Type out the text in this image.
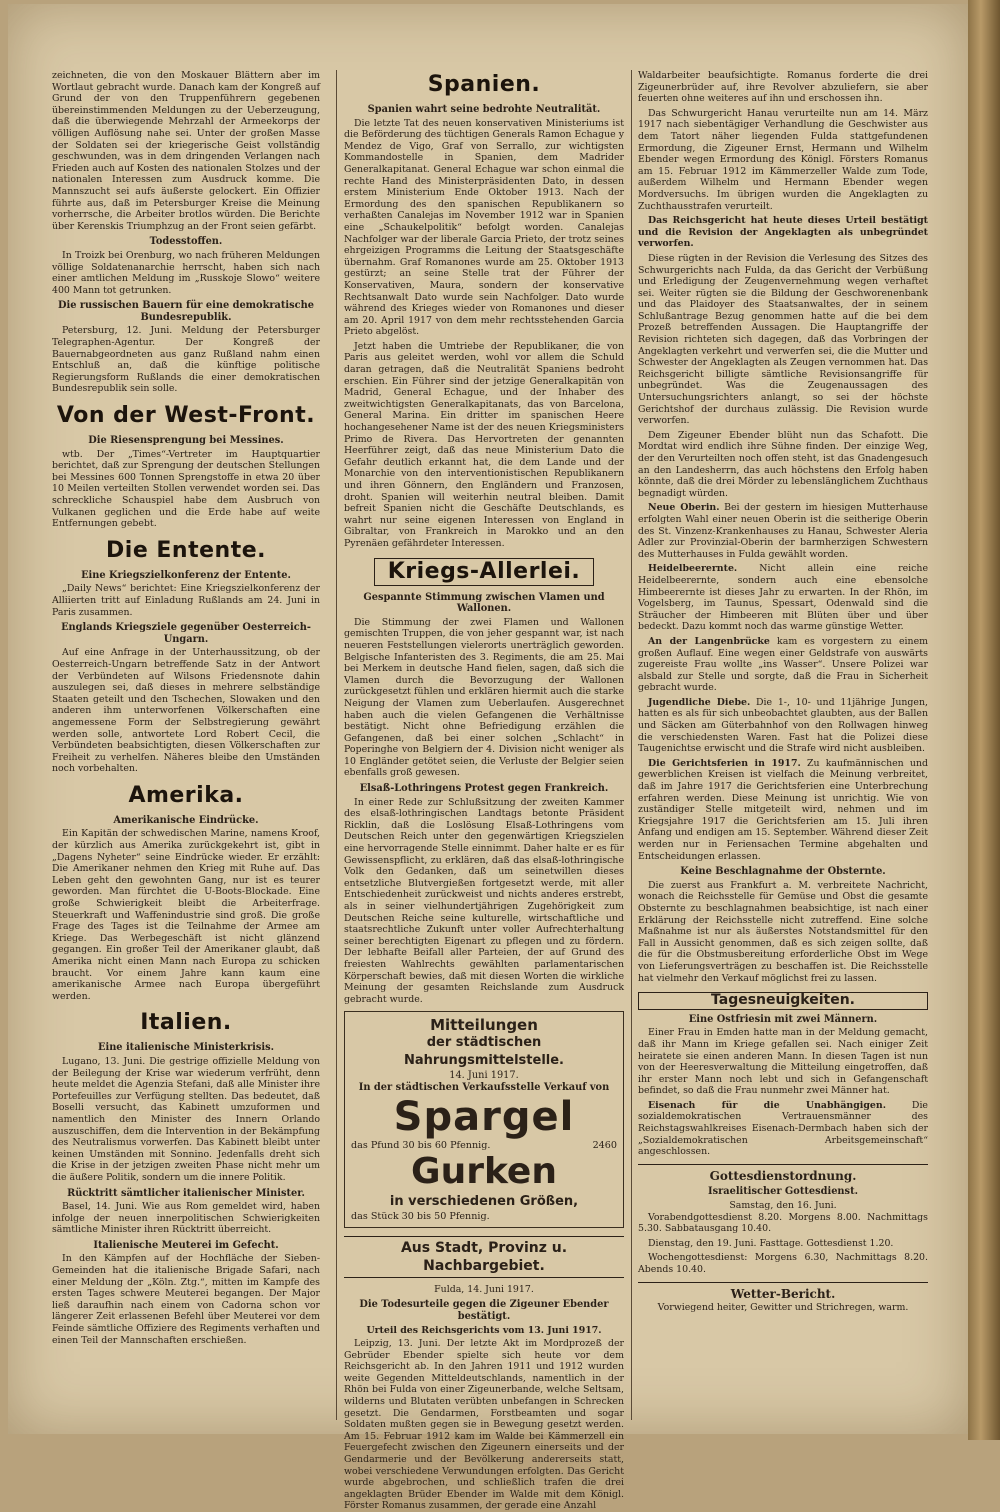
zeichneten, die von den Moskauer Blättern aber im Wortlaut gebracht wurde. Danach kam der Kongreß auf Grund der von den Truppenführern gegebenen übereinstimmenden Meldungen zu der Ueberzeugung, daß die überwiegende Mehrzahl der Armeekorps der völligen Auflösung nahe sei. Unter der großen Masse der Soldaten sei der kriegerische Geist vollständig geschwunden, was in dem dringenden Verlangen nach Frieden auch auf Kosten des nationalen Stolzes und der nationalen Interessen zum Ausdruck komme. Die Mannszucht sei aufs äußerste gelockert. Ein Offizier führte aus, daß im Petersburger Kreise die Meinung vorherrsche, die Arbeiter brotlos würden. Die Berichte über Kerenskis Triumphzug an der Front seien gefärbt.

Todesstoffen.

In Troizk bei Orenburg, wo nach früheren Meldungen völlige Soldatenanarchie herrscht, haben sich nach einer amtlichen Meldung im „Russkoje Slowo“ weitere 400 Mann tot getrunken.

Die russischen Bauern für eine demokratische Bundesrepublik.

Petersburg, 12. Juni. Meldung der Petersburger Telegraphen-Agentur. Der Kongreß der Bauernabgeordneten aus ganz Rußland nahm einen Entschluß an, daß die künftige politische Regierungsform Rußlands die einer demokratischen Bundesrepublik sein solle.

Von der West-Front.
Die Riesensprengung bei Messines.

wtb. Der „Times“-Vertreter im Hauptquartier berichtet, daß zur Sprengung der deutschen Stellungen bei Messines 600 Tonnen Sprengstoffe in etwa 20 über 10 Meilen verteilten Stollen verwendet worden sei. Das schreckliche Schauspiel habe dem Ausbruch von Vulkanen geglichen und die Erde habe auf weite Entfernungen gebebt.

Die Entente.
Eine Kriegszielkonferenz der Entente.

„Daily News“ berichtet: Eine Kriegszielkonferenz der Alliierten tritt auf Einladung Rußlands am 24. Juni in Paris zusammen.

Englands Kriegsziele gegenüber Oesterreich-Ungarn.

Auf eine Anfrage in der Unterhaussitzung, ob der Oesterreich-Ungarn betreffende Satz in der Antwort der Verbündeten auf Wilsons Friedensnote dahin auszulegen sei, daß dieses in mehrere selbständige Staaten geteilt und den Tschechen, Slowaken und den anderen ihm unterworfenen Völkerschaften eine angemessene Form der Selbstregierung gewährt werden solle, antwortete Lord Robert Cecil, die Verbündeten beabsichtigten, diesen Völkerschaften zur Freiheit zu verhelfen. Näheres bleibe den Umständen noch vorbehalten.

Amerika.
Amerikanische Eindrücke.

Ein Kapitän der schwedischen Marine, namens Kroof, der kürzlich aus Amerika zurückgekehrt ist, gibt in „Dagens Nyheter“ seine Eindrücke wieder. Er erzählt: Die Amerikaner nehmen den Krieg mit Ruhe auf. Das Leben geht den gewohnten Gang, nur ist es teurer geworden. Man fürchtet die U-Boots-Blockade. Eine große Schwierigkeit bleibt die Arbeiterfrage. Steuerkraft und Waffenindustrie sind groß. Die große Frage des Tages ist die Teilnahme der Armee am Kriege. Das Werbegeschäft ist nicht glänzend gegangen. Ein großer Teil der Amerikaner glaubt, daß Amerika nicht einen Mann nach Europa zu schicken braucht. Vor einem Jahre kann kaum eine amerikanische Armee nach Europa übergeführt werden.

Italien.
Eine italienische Ministerkrisis.

Lugano, 13. Juni. Die gestrige offizielle Meldung von der Beilegung der Krise war wiederum verfrüht, denn heute meldet die Agenzia Stefani, daß alle Minister ihre Portefeuilles zur Verfügung stellten. Das bedeutet, daß Boselli versucht, das Kabinett umzuformen und namentlich den Minister des Innern Orlando auszuschiffen, dem die Intervention in der Bekämpfung des Neutralismus vorwerfen. Das Kabinett bleibt unter keinen Umständen mit Sonnino. Jedenfalls dreht sich die Krise in der jetzigen zweiten Phase nicht mehr um die äußere Politik, sondern um die innere Politik.

Rücktritt sämtlicher italienischer Minister.

Basel, 14. Juni. Wie aus Rom gemeldet wird, haben infolge der neuen innerpolitischen Schwierigkeiten sämtliche Minister ihren Rücktritt überreicht.

Italienische Meuterei im Gefecht.

In den Kämpfen auf der Hochfläche der Sieben-Gemeinden hat die italienische Brigade Safari, nach einer Meldung der „Köln. Ztg.“, mitten im Kampfe des ersten Tages schwere Meuterei begangen. Der Major ließ daraufhin nach einem von Cadorna schon vor längerer Zeit erlassenen Befehl über Meuterei vor dem Feinde sämtliche Offiziere des Regiments verhaften und einen Teil der Mannschaften erschießen.

Spanien.
Spanien wahrt seine bedrohte Neutralität.

Die letzte Tat des neuen konservativen Ministeriums ist die Beförderung des tüchtigen Generals Ramon Echague y Mendez de Vigo, Graf von Serrallo, zur wichtigsten Kommandostelle in Spanien, dem Madrider Generalkapitanat. General Echague war schon einmal die rechte Hand des Ministerpräsidenten Dato, in dessen erstem Ministerium Ende Oktober 1913. Nach der Ermordung des den spanischen Republikanern so verhaßten Canalejas im November 1912 war in Spanien eine „Schaukelpolitik“ befolgt worden. Canalejas Nachfolger war der liberale Garcia Prieto, der trotz seines ehrgeizigen Programms die Leitung der Staatsgeschäfte übernahm. Graf Romanones wurde am 25. Oktober 1913 gestürzt; an seine Stelle trat der Führer der Konservativen, Maura, sondern der konservative Rechtsanwalt Dato wurde sein Nachfolger. Dato wurde während des Krieges wieder von Romanones und dieser am 20. April 1917 von dem mehr rechtsstehenden Garcia Prieto abgelöst.

Jetzt haben die Umtriebe der Republikaner, die von Paris aus geleitet werden, wohl vor allem die Schuld daran getragen, daß die Neutralität Spaniens bedroht erschien. Ein Führer sind der jetzige Generalkapitän von Madrid, General Echague, und der Inhaber des zweitwichtigsten Generalkapitanats, das von Barcelona, General Marina. Ein dritter im spanischen Heere hochangesehener Name ist der des neuen Kriegsministers Primo de Rivera. Das Hervortreten der genannten Heerführer zeigt, daß das neue Ministerium Dato die Gefahr deutlich erkannt hat, die dem Lande und der Monarchie von den interventionistischen Republikanern und ihren Gönnern, den Engländern und Franzosen, droht. Spanien will weiterhin neutral bleiben. Damit befreit Spanien nicht die Geschäfte Deutschlands, es wahrt nur seine eigenen Interessen von England in Gibraltar, von Frankreich in Marokko und an den Pyrenäen gefährdeter Interessen.

Kriegs-Allerlei.
Gespannte Stimmung zwischen Vlamen und Wallonen.

Die Stimmung der zwei Flamen und Wallonen gemischten Truppen, die von jeher gespannt war, ist nach neueren Feststellungen vielerorts unerträglich geworden. Belgische Infanteristen des 3. Regiments, die am 25. Mai bei Merkem in deutsche Hand fielen, sagen, daß sich die Vlamen durch die Bevorzugung der Wallonen zurückgesetzt fühlen und erklären hiermit auch die starke Neigung der Vlamen zum Ueberlaufen. Ausgerechnet haben auch die vielen Gefangenen die Verhältnisse bestätigt. Nicht ohne Befriedigung erzählen die Gefangenen, daß bei einer solchen „Schlacht“ in Poperinghe von Belgiern der 4. Division nicht weniger als 10 Engländer getötet seien, die Verluste der Belgier seien ebenfalls groß gewesen.

Elsaß-Lothringens Protest gegen Frankreich.

In einer Rede zur Schlußsitzung der zweiten Kammer des elsaß-lothringischen Landtags betonte Präsident Ricklin, daß die Loslösung Elsaß-Lothringens vom Deutschen Reich unter den gegenwärtigen Kriegszielen eine hervorragende Stelle einnimmt. Daher halte er es für Gewissenspflicht, zu erklären, daß das elsaß-lothringische Volk den Gedanken, daß um seinetwillen dieses entsetzliche Blutvergießen fortgesetzt werde, mit aller Entschiedenheit zurückweist und nichts anderes erstrebt, als in seiner vielhundertjährigen Zugehörigkeit zum Deutschen Reiche seine kulturelle, wirtschaftliche und staatsrechtliche Zukunft unter voller Aufrechterhaltung seiner berechtigten Eigenart zu pflegen und zu fördern. Der lebhafte Beifall aller Parteien, der auf Grund des freiesten Wahlrechts gewählten parlamentarischen Körperschaft bewies, daß mit diesen Worten die wirkliche Meinung der gesamten Reichslande zum Ausdruck gebracht wurde.

Mitteilungen
der städtischen Nahrungsmittelstelle.
14. Juni 1917.
In der städtischen Verkaufsstelle Verkauf von
Spargel
das Pfund 30 bis 60 Pfennig.	2460
Gurken
in verschiedenen Größen,
das Stück 30 bis 50 Pfennig.
Aus Stadt, Provinz u. Nachbargebiet.
Fulda, 14. Juni 1917.
Die Todesurteile gegen die Zigeuner Ebender bestätigt.
Urteil des Reichsgerichts vom 13. Juni 1917.

Leipzig, 13. Juni. Der letzte Akt im Mordprozeß der Gebrüder Ebender spielte sich heute vor dem Reichsgericht ab. In den Jahren 1911 und 1912 wurden weite Gegenden Mitteldeutschlands, namentlich in der Rhön bei Fulda von einer Zigeunerbande, welche Seltsam, wilderns und Blutaten verübten unbefangen in Schrecken gesetzt. Die Gendarmen, Forstbeamten und sogar Soldaten mußten gegen sie in Bewegung gesetzt werden. Am 15. Februar 1912 kam im Walde bei Kämmerzell ein Feuergefecht zwischen den Zigeunern einerseits und der Gendarmerie und der Bevölkerung andererseits statt, wobei verschiedene Verwundungen erfolgten. Das Gericht wurde abgebrochen, und schließlich trafen die drei angeklagten Brüder Ebender im Walde mit dem Königl. Förster Romanus zusammen, der gerade eine Anzahl

Waldarbeiter beaufsichtigte. Romanus forderte die drei Zigeunerbrüder auf, ihre Revolver abzuliefern, sie aber feuerten ohne weiteres auf ihn und erschossen ihn.

Das Schwurgericht Hanau verurteilte nun am 14. März 1917 nach siebentägiger Verhandlung die Geschwister aus dem Tatort näher liegenden Fulda stattgefundenen Ermordung, die Zigeuner Ernst, Hermann und Wilhelm Ebender wegen Ermordung des Königl. Försters Romanus am 15. Februar 1912 im Kämmerzeller Walde zum Tode, außerdem Wilhelm und Hermann Ebender wegen Mordversuchs. Im übrigen wurden die Angeklagten zu Zuchthausstrafen verurteilt.

Das Reichsgericht hat heute dieses Urteil bestätigt und die Revision der Angeklagten als unbegründet verworfen.

Diese rügten in der Revision die Verlesung des Sitzes des Schwurgerichts nach Fulda, da das Gericht der Verbüßung und Erledigung der Zeugenvernehmung wegen verhaftet sei. Weiter rügten sie die Bildung der Geschworenenbank und das Plaidoyer des Staatsanwaltes, der in seinem Schlußantrage Bezug genommen hatte auf die bei dem Prozeß betreffenden Aussagen. Die Hauptangriffe der Revision richteten sich dagegen, daß das Vorbringen der Angeklagten verkehrt und verwerfen sei, die die Mutter und Schwester der Angeklagten als Zeugen vernommen hat. Das Reichsgericht billigte sämtliche Revisionsangriffe für unbegründet. Was die Zeugenaussagen des Untersuchungsrichters anlangt, so sei der höchste Gerichtshof der durchaus zulässig. Die Revision wurde verworfen.

Dem Zigeuner Ebender blüht nun das Schafott. Die Mordtat wird endlich ihre Sühne finden. Der einzige Weg, der den Verurteilten noch offen steht, ist das Gnadengesuch an den Landesherrn, das auch höchstens den Erfolg haben könnte, daß die drei Mörder zu lebenslänglichem Zuchthaus begnadigt würden.

Neue Oberin. Bei der gestern im hiesigen Mutterhause erfolgten Wahl einer neuen Oberin ist die seitherige Oberin des St. Vinzenz-Krankenhauses zu Hanau, Schwester Aleria Adler zur Provinzial-Oberin der barmherzigen Schwestern des Mutterhauses in Fulda gewählt worden.

Heidelbeerernte. Nicht allein eine reiche Heidelbeerernte, sondern auch eine ebensolche Himbeerernte ist dieses Jahr zu erwarten. In der Rhön, im Vogelsberg, im Taunus, Spessart, Odenwald sind die Sträucher der Himbeeren mit Blüten über und über bedeckt. Dazu kommt noch das warme günstige Wetter.

An der Langenbrücke kam es vorgestern zu einem großen Auflauf. Eine wegen einer Geldstrafe von auswärts zugereiste Frau wollte „ins Wasser“. Unsere Polizei war alsbald zur Stelle und sorgte, daß die Frau in Sicherheit gebracht wurde.

Jugendliche Diebe. Die 1-, 10- und 11jährige Jungen, hatten es als für sich unbeobachtet glaubten, aus der Ballen und Säcken am Güterbahnhof von den Rollwagen hinweg die verschiedensten Waren. Fast hat die Polizei diese Taugenichtse erwischt und die Strafe wird nicht ausbleiben.

Die Gerichtsferien in 1917. Zu kaufmännischen und gewerblichen Kreisen ist vielfach die Meinung verbreitet, daß im Jahre 1917 die Gerichtsferien eine Unterbrechung erfahren werden. Diese Meinung ist unrichtig. Wie von zuständiger Stelle mitgeteilt wird, nehmen und im Kriegsjahre 1917 die Gerichtsferien am 15. Juli ihren Anfang und endigen am 15. September. Während dieser Zeit werden nur in Feriensachen Termine abgehalten und Entscheidungen erlassen.

Keine Beschlagnahme der Obsternte.

Die zuerst aus Frankfurt a. M. verbreitete Nachricht, wonach die Reichsstelle für Gemüse und Obst die gesamte Obsternte zu beschlagnahmen beabsichtige, ist nach einer Erklärung der Reichsstelle nicht zutreffend. Eine solche Maßnahme ist nur als äußerstes Notstandsmittel für den Fall in Aussicht genommen, daß es sich zeigen sollte, daß die für die Obstmusbereitung erforderliche Obst im Wege von Lieferungsverträgen zu beschaffen ist. Die Reichsstelle hat vielmehr den Verkauf möglichst frei zu lassen.

Tagesneuigkeiten.
Eine Ostfriesin mit zwei Männern.

Einer Frau in Emden hatte man in der Meldung gemacht, daß ihr Mann im Kriege gefallen sei. Nach einiger Zeit heiratete sie einen anderen Mann. In diesen Tagen ist nun von der Heeresverwaltung die Mitteilung eingetroffen, daß ihr erster Mann noch lebt und sich in Gefangenschaft befindet, so daß die Frau nunmehr zwei Männer hat.

Eisenach für die Unabhängigen.	Die sozialdemokratischen Vertrauensmänner des Reichstagswahlkreises Eisenach-Dermbach haben sich der „Sozialdemokratischen Arbeitsgemeinschaft“ angeschlossen.

Gottesdienstordnung.
Israelitischer Gottesdienst.
Samstag, den 16. Juni.

Vorabendgottesdienst 8.20. Morgens 8.00. Nachmittags 5.30. Sabbatausgang 10.40.

Dienstag, den 19. Juni. Fasttage. Gottesdienst 1.20.

Wochengottesdienst: Morgens 6.30, Nachmittags 8.20. Abends 10.40.

Wetter-Bericht.
Vorwiegend heiter, Gewitter und Strichregen, warm.
